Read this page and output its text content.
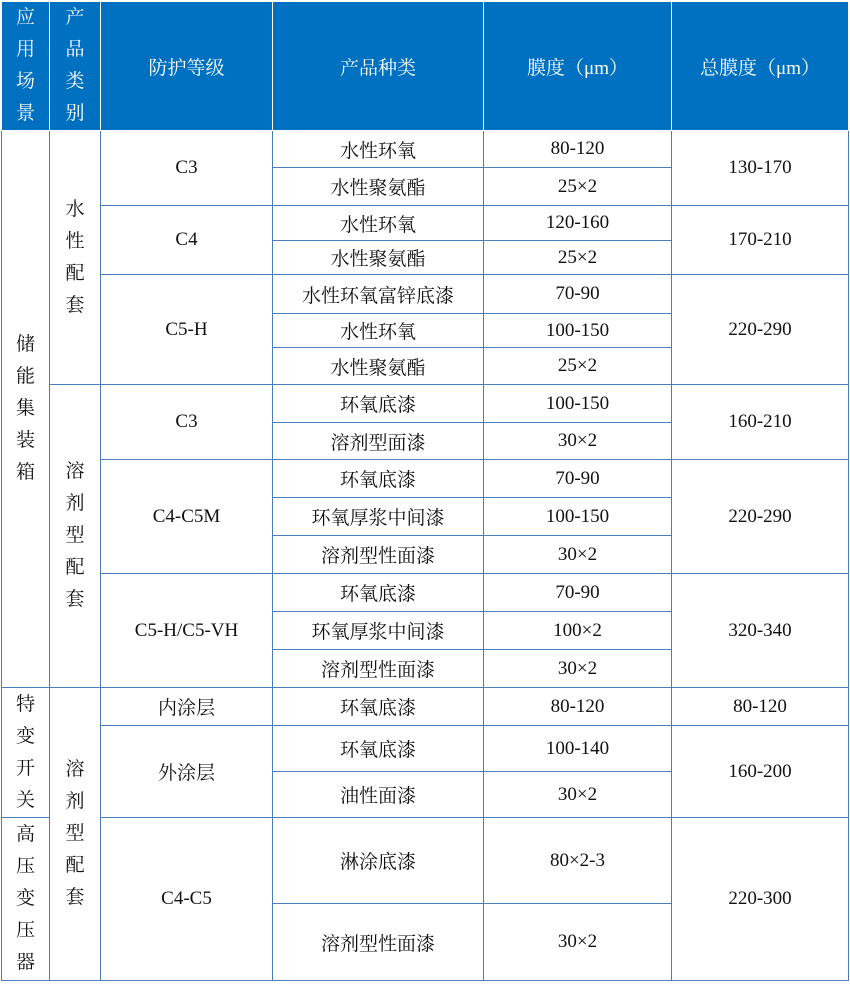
应用场景	产品类别	防护等级	产品种类	膜度（μm）	总膜度（μm）
储能集装箱	水性配套	C3	水性环氧	80-120	130-170
			水性聚氨酯	25×2	
		C4	水性环氧	120-160	170-210
			水性聚氨酯	25×2	
		C5-H	水性环氧富锌底漆	70-90	220-290
			水性环氧	100-150	
			水性聚氨酯	25×2	
	溶剂型配套	C3	环氧底漆	100-150	160-210
			溶剂型面漆	30×2	
		C4-C5M	环氧底漆	70-90	220-290
			环氧厚浆中间漆	100-150	
			溶剂型性面漆	30×2	
		C5-H/C5-VH	环氧底漆	70-90	320-340
			环氧厚浆中间漆	100×2	
			溶剂型性面漆	30×2	
特变开关	溶剂型配套	内涂层	环氧底漆	80-120	80-120
		外涂层	环氧底漆	100-140	160-200
			油性面漆	30×2	
高压变压器		C4-C5	淋涂底漆	80×2-3	220-300
			溶剂型性面漆	30×2	
